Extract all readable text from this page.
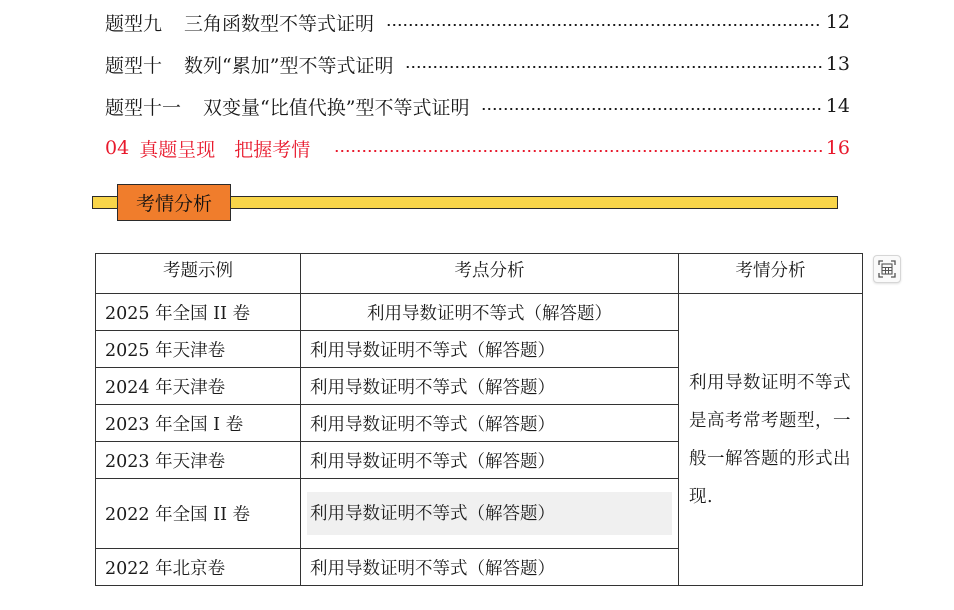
题型九 三角函数型不等式证明	12
题型十 数列“累加”型不等式证明	13
题型十一 双变量“比值代换”型不等式证明	14
04 真题呈现　把握考情	16
考情分析
考题示例	考点分析	考情分析
2025 年全国 II 卷	利用导数证明不等式（解答题）	利用导数证明不等式是高考常考题型，一般一解答题的形式出现.
2025 年天津卷	利用导数证明不等式（解答题）	
2024 年天津卷	利用导数证明不等式（解答题）	
2023 年全国 I 卷	利用导数证明不等式（解答题）	
2023 年天津卷	利用导数证明不等式（解答题）	
2022 年全国 II 卷	利用导数证明不等式（解答题）	

2022 年北京卷	利用导数证明不等式（解答题）	
